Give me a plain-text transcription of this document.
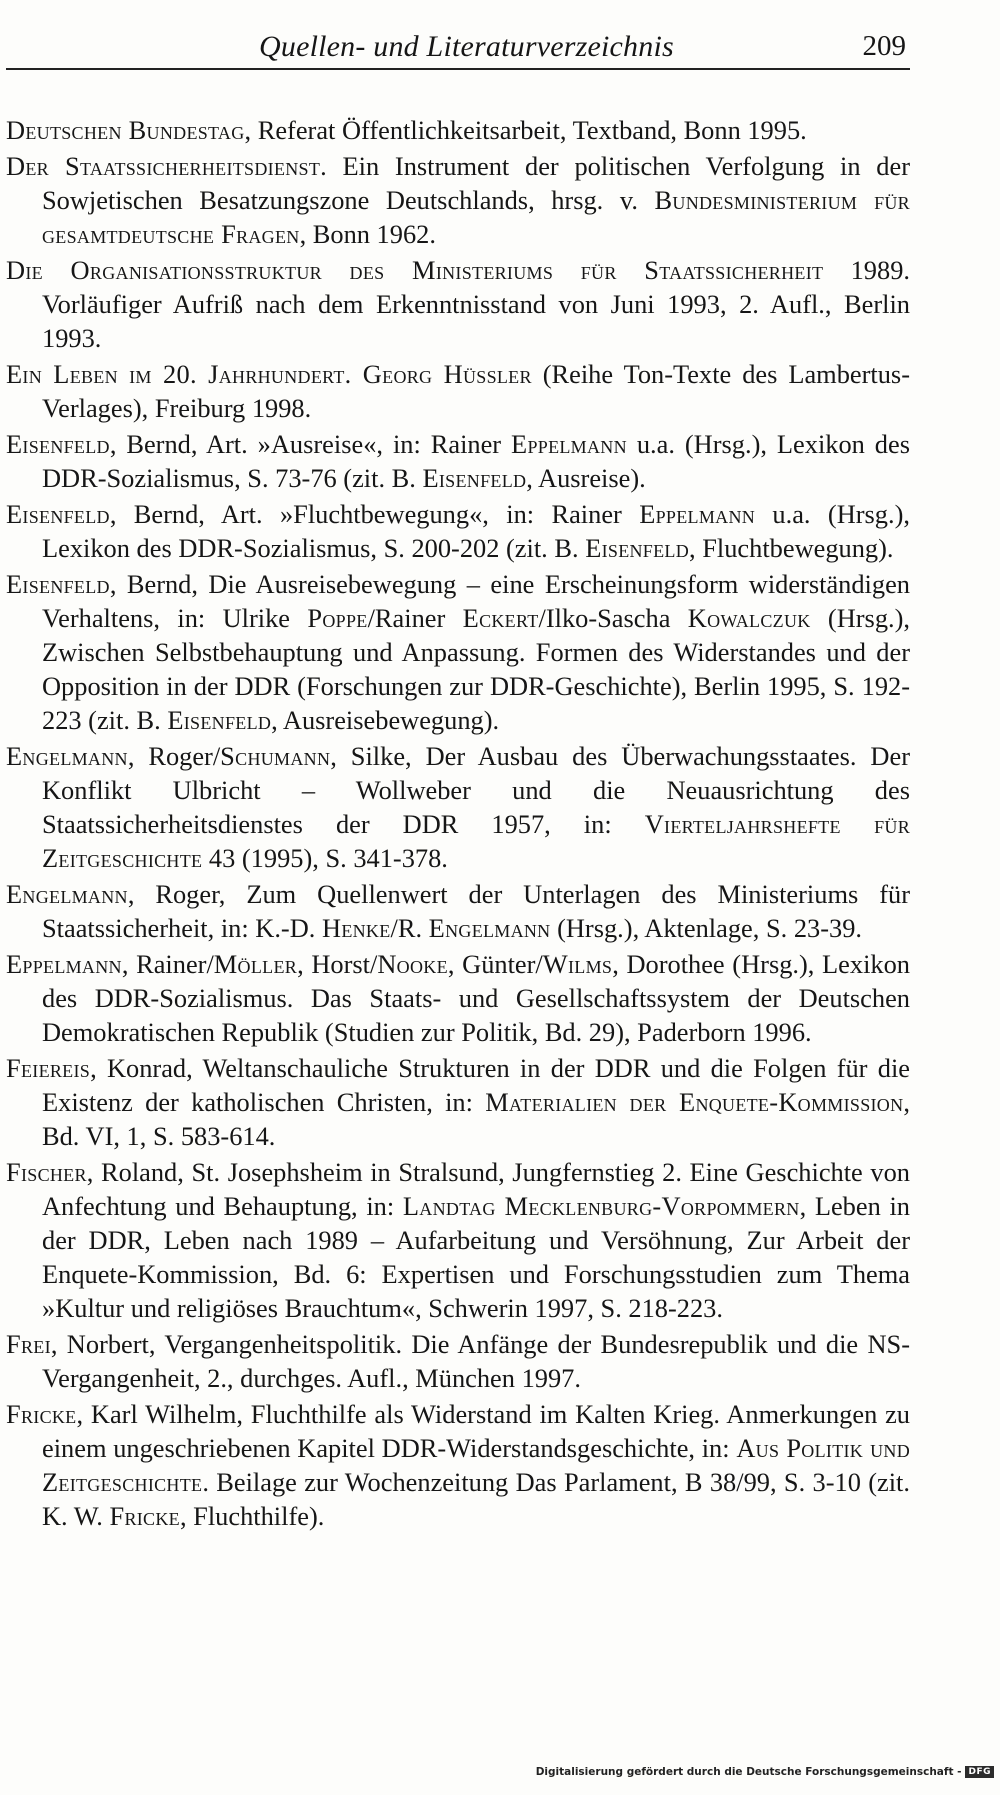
Quellen- und Literaturverzeichnis	209

Deutschen Bundestag, Referat Öffentlichkeitsarbeit, Textband, Bonn 1995.

Der Staatssicherheitsdienst. Ein Instrument der politischen Verfolgung in der Sowjetischen Besatzungszone Deutschlands, hrsg. v. Bundesministerium für gesamtdeutsche Fragen, Bonn 1962.

Die Organisationsstruktur des Ministeriums für Staatssicherheit 1989. Vorläufiger Aufriß nach dem Erkenntnisstand von Juni 1993, 2. Aufl., Berlin 1993.

Ein Leben im 20. Jahrhundert. Georg Hüssler (Reihe Ton-Texte des Lambertus-Verlages), Freiburg 1998.

Eisenfeld, Bernd, Art. »Ausreise«, in: Rainer Eppelmann u.a. (Hrsg.), Lexikon des DDR-Sozialismus, S. 73-76 (zit. B. Eisenfeld, Ausreise).

Eisenfeld, Bernd, Art. »Fluchtbewegung«, in: Rainer Eppelmann u.a. (Hrsg.), Lexikon des DDR-Sozialismus, S. 200-202 (zit. B. Eisenfeld, Fluchtbewegung).

Eisenfeld, Bernd, Die Ausreisebewegung – eine Erscheinungsform widerständigen Verhaltens, in: Ulrike Poppe/Rainer Eckert/Ilko-Sascha Kowalczuk (Hrsg.), Zwischen Selbstbehauptung und Anpassung. Formen des Widerstandes und der Opposition in der DDR (Forschungen zur DDR-Geschichte), Berlin 1995, S. 192-223 (zit. B. Eisenfeld, Ausreisebewegung).

Engelmann, Roger/Schumann, Silke, Der Ausbau des Überwachungsstaates. Der Konflikt Ulbricht – Wollweber und die Neuausrichtung des Staatssicherheitsdienstes der DDR 1957, in: Vierteljahrshefte für Zeitgeschichte 43 (1995), S. 341-378.

Engelmann, Roger, Zum Quellenwert der Unterlagen des Ministeriums für Staatssicherheit, in: K.-D. Henke/R. Engelmann (Hrsg.), Aktenlage, S. 23-39.

Eppelmann, Rainer/Möller, Horst/Nooke, Günter/Wilms, Dorothee (Hrsg.), Lexikon des DDR-Sozialismus. Das Staats- und Gesellschaftssystem der Deutschen Demokratischen Republik (Studien zur Politik, Bd. 29), Paderborn 1996.

Feiereis, Konrad, Weltanschauliche Strukturen in der DDR und die Folgen für die Existenz der katholischen Christen, in: Materialien der Enquete-Kommission, Bd. VI, 1, S. 583-614.

Fischer, Roland, St. Josephsheim in Stralsund, Jungfernstieg 2. Eine Geschichte von Anfechtung und Behauptung, in: Landtag Mecklenburg-Vorpommern, Leben in der DDR, Leben nach 1989 – Aufarbeitung und Versöhnung, Zur Arbeit der Enquete-Kommission, Bd. 6: Expertisen und Forschungsstudien zum Thema »Kultur und religiöses Brauchtum«, Schwerin 1997, S. 218-223.

Frei, Norbert, Vergangenheitspolitik. Die Anfänge der Bundesrepublik und die NS-Vergangenheit, 2., durchges. Aufl., München 1997.

Fricke, Karl Wilhelm, Fluchthilfe als Widerstand im Kalten Krieg. Anmerkungen zu einem ungeschriebenen Kapitel DDR-Widerstandsgeschichte, in: Aus Politik und Zeitgeschichte. Beilage zur Wochenzeitung Das Parlament, B 38/99, S. 3-10 (zit. K. W. Fricke, Fluchthilfe).

Digitalisierung gefördert durch die Deutsche Forschungsgemeinschaft - DFG
